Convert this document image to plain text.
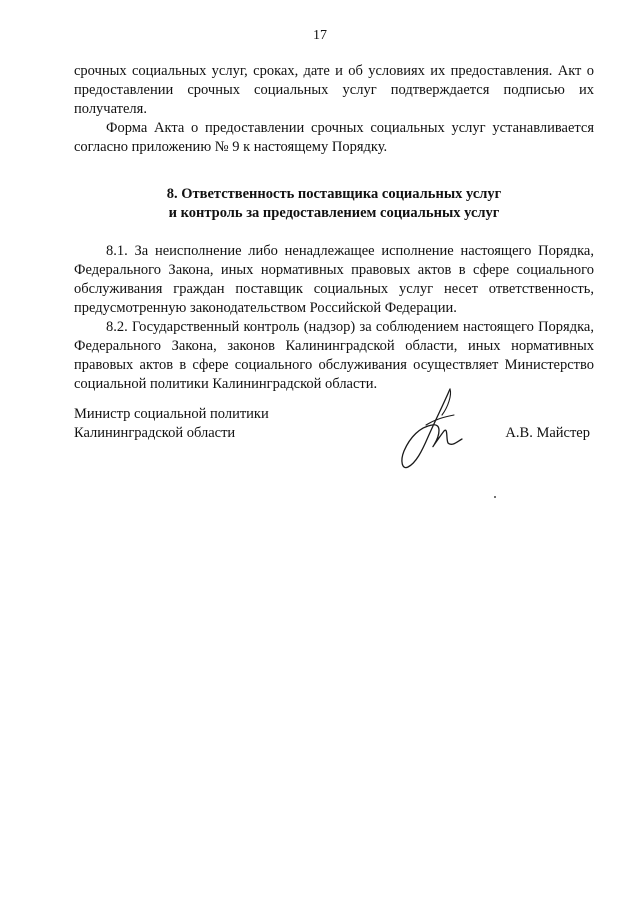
17

срочных социальных услуг, сроках, дате и об условиях их предоставления. Акт о предоставлении срочных социальных услуг подтверждается подписью их получателя.

Форма Акта о предоставлении срочных социальных услуг устанавливается согласно приложению № 9 к настоящему Порядку.

8. Ответственность поставщика социальных услуг
и контроль за предоставлением социальных услуг

8.1. За неисполнение либо ненадлежащее исполнение настоящего Порядка, Федерального Закона, иных нормативных правовых актов в сфере социального обслуживания граждан поставщик социальных услуг несет ответственность, предусмотренную законодательством Российской Федерации.

8.2. Государственный контроль (надзор) за соблюдением настоящего Порядка, Федерального Закона, законов Калининградской области, иных нормативных правовых актов в сфере социального обслуживания осуществляет Министерство социальной политики Калининградской области.

Министр социальной политики
Калининградской области	А.В. Майстер
